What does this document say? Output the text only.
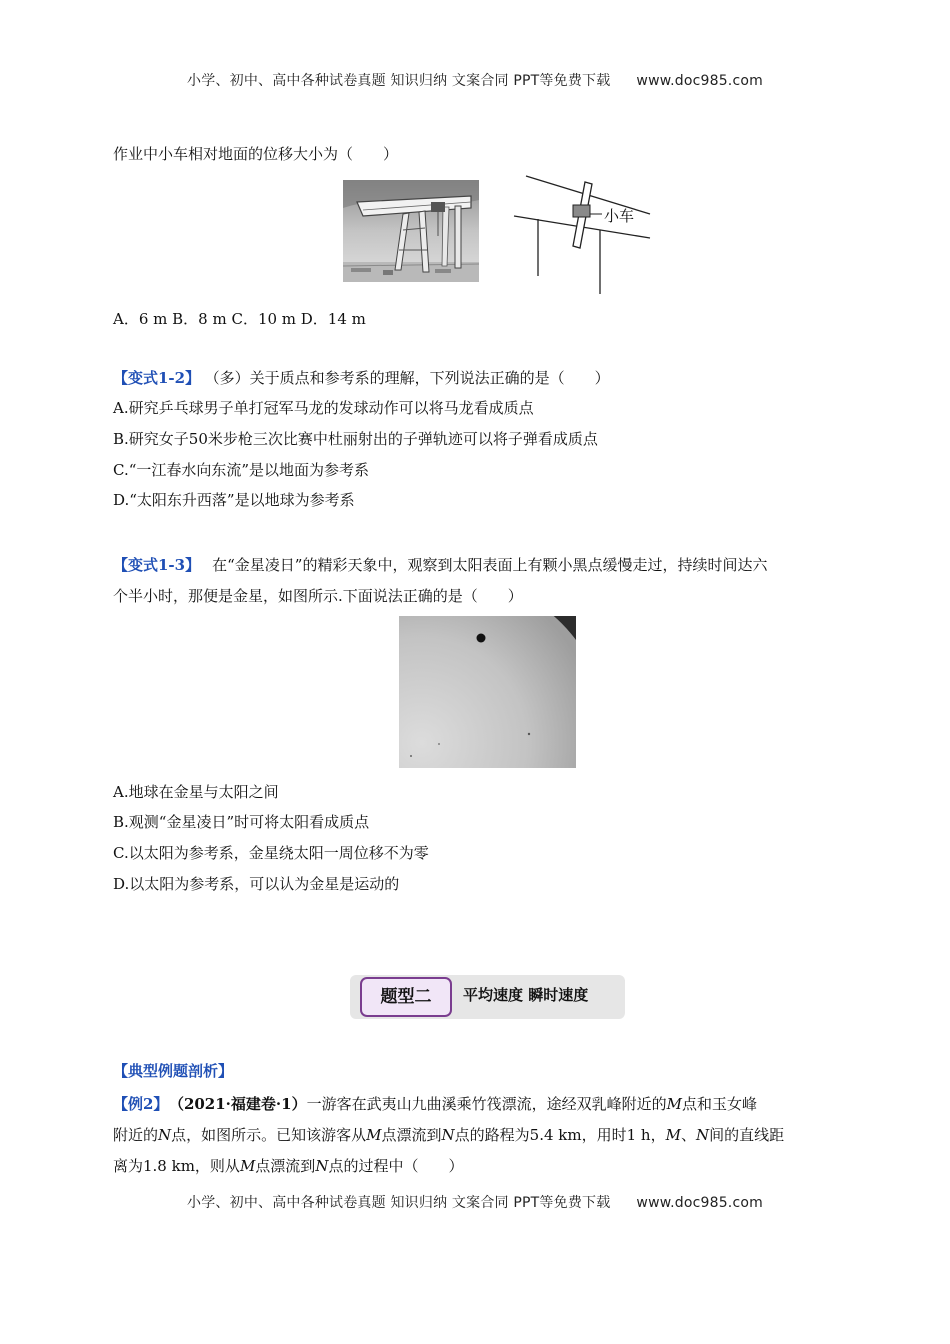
小学、初中、高中各种试卷真题 知识归纳 文案合同 PPT等免费下载 www.doc985.com
作业中小车相对地面的位移大小为（　　）
小车
A．6 m B．8 m C．10 m D．14 m
【变式1-2】 （多）关于质点和参考系的理解，下列说法正确的是（　　）
A.研究乒乓球男子单打冠军马龙的发球动作可以将马龙看成质点
B.研究女子50米步枪三次比赛中杜丽射出的子弹轨迹可以将子弹看成质点
C.“一江春水向东流”是以地面为参考系
D.“太阳东升西落”是以地球为参考系
【变式1-3】 在“金星凌日”的精彩天象中，观察到太阳表面上有颗小黑点缓慢走过，持续时间达六
个半小时，那便是金星，如图所示.下面说法正确的是（　　）
A.地球在金星与太阳之间
B.观测“金星凌日”时可将太阳看成质点
C.以太阳为参考系，金星绕太阳一周位移不为零
D.以太阳为参考系，可以认为金星是运动的
题型二	平均速度 瞬时速度
【典型例题剖析】
【例2】 （2021·福建卷·1）一游客在武夷山九曲溪乘竹筏漂流，途经双乳峰附近的M点和玉女峰
附近的N点，如图所示。已知该游客从M点漂流到N点的路程为5.4 km，用时1 h，M、N间的直线距
离为1.8 km，则从M点漂流到N点的过程中（　　）
小学、初中、高中各种试卷真题 知识归纳 文案合同 PPT等免费下载 www.doc985.com
